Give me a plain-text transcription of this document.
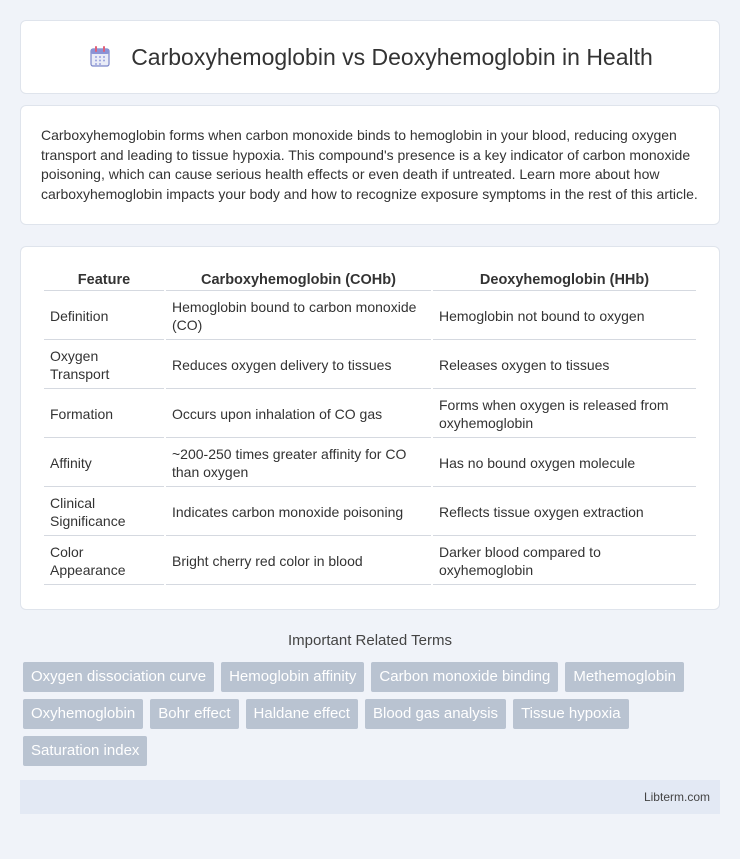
Carboxyhemoglobin vs Deoxyhemoglobin in Health

Carboxyhemoglobin forms when carbon monoxide binds to hemoglobin in your blood, reducing oxygen transport and leading to tissue hypoxia. This compound's presence is a key indicator of carbon monoxide poisoning, which can cause serious health effects or even death if untreated. Learn more about how carboxyhemoglobin impacts your body and how to recognize exposure symptoms in the rest of this article.

Feature	Carboxyhemoglobin (COHb)	Deoxyhemoglobin (HHb)
Definition	Hemoglobin bound to carbon monoxide (CO)	Hemoglobin not bound to oxygen
Oxygen Transport	Reduces oxygen delivery to tissues	Releases oxygen to tissues
Formation	Occurs upon inhalation of CO gas	Forms when oxygen is released from oxyhemoglobin
Affinity	~200-250 times greater affinity for CO than oxygen	Has no bound oxygen molecule
Clinical Significance	Indicates carbon monoxide poisoning	Reflects tissue oxygen extraction
Color Appearance	Bright cherry red color in blood	Darker blood compared to oxyhemoglobin
Important Related Terms
Oxygen dissociation curve	Hemoglobin affinity	Carbon monoxide binding	Methemoglobin
Oxyhemoglobin	Bohr effect	Haldane effect	Blood gas analysis	Tissue hypoxia
Saturation index
Libterm.com
